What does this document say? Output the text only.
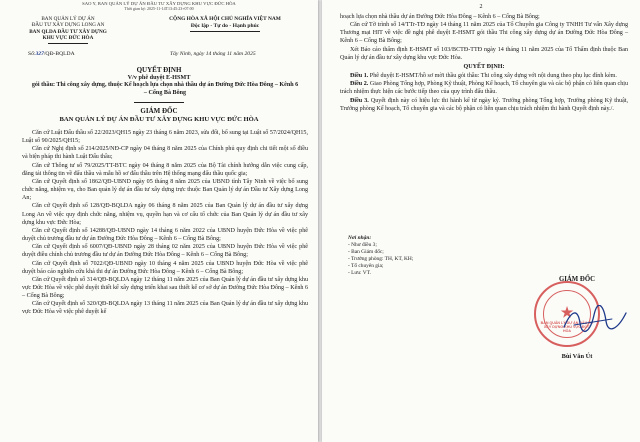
SAO Y, BAN QUẢN LÝ DỰ ÁN ĐẦU TƯ XÂY DỰNG KHU VỰC ĐỨC HÒA
Thời gian ký: 2025-11-14T13:45:23+07:00
BAN QUẢN LÝ DỰ ÁN
ĐẦU TƯ XÂY DỰNG LONG AN
BAN QLDA ĐẦU TƯ XÂY DỰNG
KHU VỰC ĐỨC HÒA
CỘNG HÒA XÃ HỘI CHỦ NGHĨA VIỆT NAM
Độc lập - Tự do - Hạnh phúc
Số:327/QĐ-BQLDA	Tây Ninh, ngày 14 tháng 11 năm 2025
QUYẾT ĐỊNH
V/v phê duyệt E-HSMT
gói thầu: Thi công xây dựng, thuộc Kế hoạch lựa chọn nhà thầu dự án Đường Đức Hòa Đông – Kênh 6 – Cống Bà Bông
GIÁM ĐỐC
BAN QUẢN LÝ DỰ ÁN ĐẦU TƯ XÂY DỰNG KHU VỰC ĐỨC HÒA

Căn cứ Luật Đấu thầu số 22/2023/QH15 ngày 23 tháng 6 năm 2023, sửa đổi, bổ sung tại Luật số 57/2024/QH15, Luật số 90/2025/QH15;

Căn cứ Nghị định số 214/2025/NĐ-CP ngày 04 tháng 8 năm 2025 của Chính phủ quy định chi tiết một số điều và biện pháp thi hành Luật Đấu thầu;

Căn cứ Thông tư số 79/2025/TT-BTC ngày 04 tháng 8 năm 2025 của Bộ Tài chính hướng dẫn việc cung cấp, đăng tải thông tin về đấu thầu và mẫu hồ sơ đấu thầu trên Hệ thống mạng đấu thầu quốc gia;

Căn cứ Quyết định số 1862/QĐ-UBND ngày 05 tháng 8 năm 2025 của UBND tỉnh Tây Ninh về việc bổ sung chức năng, nhiệm vụ, cho Ban quản lý dự án đầu tư xây dựng trực thuộc Ban Quản lý dự án Đầu tư Xây dựng Long An;

Căn cứ Quyết định số 128/QĐ-BQLDA ngày 06 tháng 8 năm 2025 của Ban Quản lý dự án đầu tư xây dựng Long An về việc quy định chức năng, nhiệm vụ, quyền hạn và cơ cấu tổ chức của Ban Quản lý dự án đầu tư xây dựng khu vực Đức Hòa;

Căn cứ Quyết định số 14288/QĐ-UBND ngày 14 tháng 6 năm 2022 của UBND huyện Đức Hòa về việc phê duyệt chủ trương đầu tư dự án Đường Đức Hòa Đông – Kênh 6 – Cống Bà Bông;

Căn cứ Quyết định số 6007/QĐ-UBND ngày 28 tháng 02 năm 2025 của UBND huyện Đức Hòa về việc phê duyệt điều chỉnh chủ trương đầu tư dự án Đường Đức Hòa Đông – Kênh 6 – Cống Bà Bông;

Căn cứ Quyết định số 7022/QĐ-UBND ngày 10 tháng 4 năm 2025 của UBND huyện Đức Hòa về việc phê duyệt báo cáo nghiên cứu khả thi dự án Đường Đức Hòa Đông – Kênh 6 – Cống Bà Bông;

Căn cứ Quyết định số 314/QĐ-BQLDA ngày 12 tháng 11 năm 2025 của Ban Quản lý dự án đầu tư xây dựng khu vực Đức Hòa về việc phê duyệt thiết kế xây dựng triển khai sau thiết kế cơ sở dự án Đường Đức Hòa Đông – Kênh 6 – Cống Bà Bông;

Căn cứ Quyết định số 320/QĐ-BQLDA ngày 13 tháng 11 năm 2025 của Ban Quản lý dự án đầu tư xây dựng khu vực Đức Hòa về việc phê duyệt kế

2

hoạch lựa chọn nhà thầu dự án Đường Đức Hòa Đông – Kênh 6 – Cống Bà Bông;

Căn cứ Tờ trình số 14/TTr-TĐ ngày 14 tháng 11 năm 2025 của Tổ Chuyên gia Công ty TNHH Tư vấn Xây dựng Thương mại HIT về việc đề nghị phê duyệt E-HSMT gói thầu Thi công xây dựng dự án Đường Đức Hòa Đông – Kênh 6 – Cống Bà Bông;

Xét Báo cáo thẩm định E-HSMT số 103/BCTĐ-TTĐ ngày 14 tháng 11 năm 2025 của Tổ Thẩm định thuộc Ban Quản lý dự án đầu tư xây dựng khu vực Đức Hòa.

QUYẾT ĐỊNH:

Điều 1. Phê duyệt E-HSMT/hồ sơ mời thầu gói thầu: Thi công xây dựng với nội dung theo phụ lục đính kèm.

Điều 2. Giao Phòng Tổng hợp, Phòng Kỹ thuật, Phòng Kế hoạch, Tổ chuyên gia và các bộ phận có liên quan chịu trách nhiệm thực hiện các bước tiếp theo của quy trình đấu thầu.

Điều 3. Quyết định này có hiệu lực thi hành kể từ ngày ký. Trưởng phòng Tổng hợp, Trưởng phòng Kỹ thuật, Trưởng phòng Kế hoạch, Tổ chuyên gia và các bộ phận có liên quan chịu trách nhiệm thi hành Quyết định này./.

Nơi nhận:
- Như điều 3;
- Ban Giám đốc;
- Trưởng phòng: TH, KT, KH;
- Tổ chuyên gia;
- Lưu: VT.
GIÁM ĐỐC
★
BAN QUẢN LÝ DỰ ÁN ĐẦU TƯ XÂY DỰNG KHU VỰC ĐỨC HÒA
Bùi Văn Út
